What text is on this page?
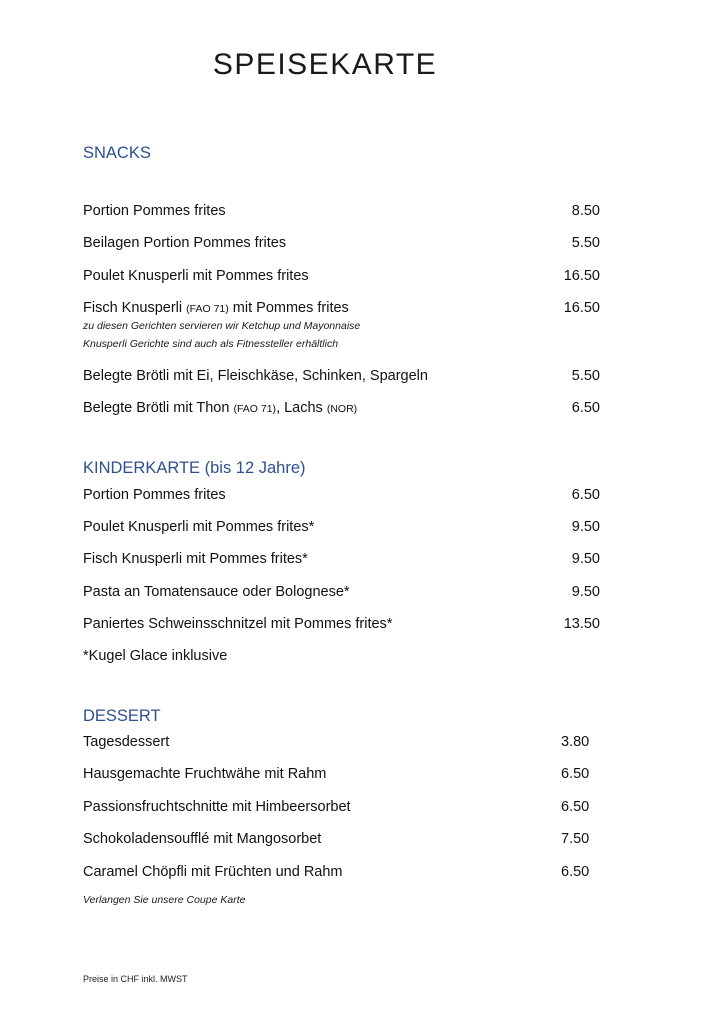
SPEISEKARTE
SNACKS
Portion Pommes frites	8.50
Beilagen Portion Pommes frites	5.50
Poulet Knusperli mit Pommes frites	16.50
Fisch Knusperli (FAO 71) mit Pommes frites	16.50
zu diesen Gerichten servieren wir Ketchup und Mayonnaise
Knusperli Gerichte sind auch als Fitnessteller erhältlich
Belegte Brötli mit Ei, Fleischkäse, Schinken, Spargeln	5.50
Belegte Brötli mit Thon (FAO 71), Lachs (NOR)	6.50
KINDERKARTE (bis 12 Jahre)
Portion Pommes frites	6.50
Poulet Knusperli mit Pommes frites*	9.50
Fisch Knusperli mit Pommes frites*	9.50
Pasta an Tomatensauce oder Bolognese*	9.50
Paniertes Schweinsschnitzel mit Pommes frites*	13.50
*Kugel Glace inklusive
DESSERT
Tagesdessert	3.80
Hausgemachte Fruchtwähe mit Rahm	6.50
Passionsfruchtschnitte mit Himbeersorbet	6.50
Schokoladensoufflé mit Mangosorbet	7.50
Caramel Chöpfli mit Früchten und Rahm	6.50
Verlangen Sie unsere Coupe Karte
Preise in CHF inkl. MWST
